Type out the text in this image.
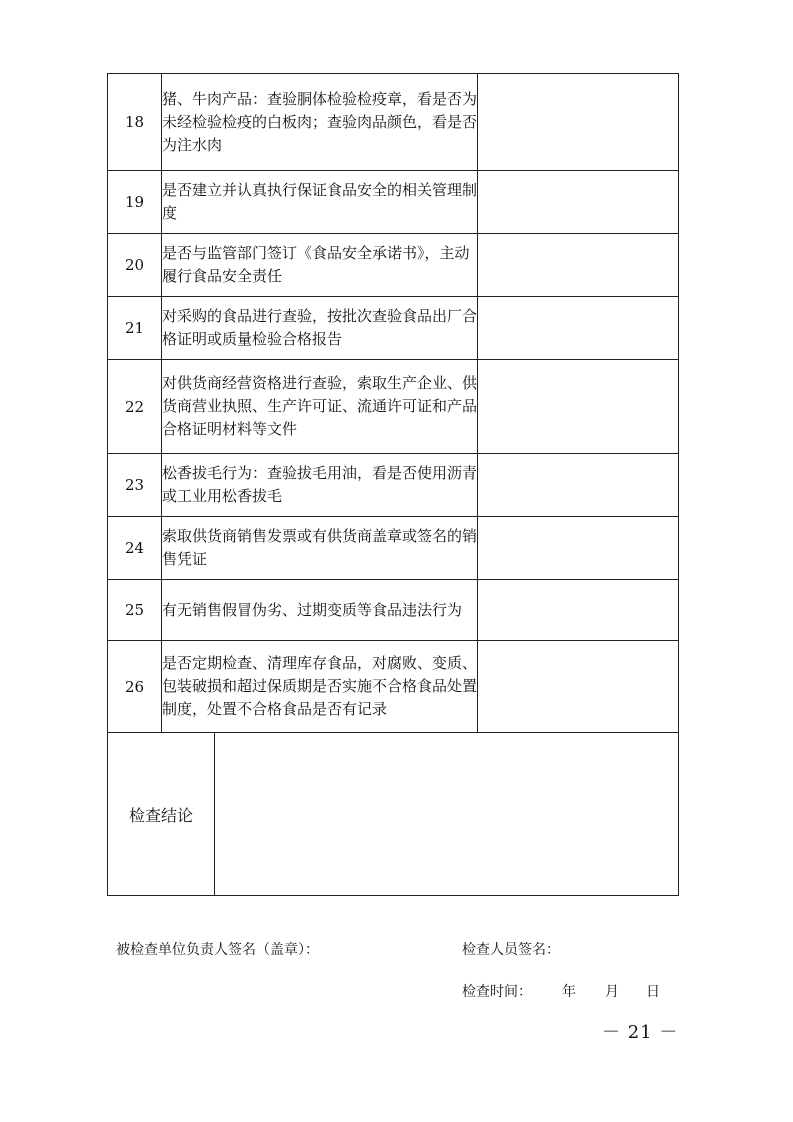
18	猪、牛肉产品：查验胴体检验检疫章，看是否为未经检验检疫的白板肉；查验肉品颜色，看是否为注水肉	
19	是否建立并认真执行保证食品安全的相关管理制度	
20	是否与监管部门签订《食品安全承诺书》，主动履行食品安全责任	
21	对采购的食品进行查验，按批次查验食品出厂合格证明或质量检验合格报告	
22	对供货商经营资格进行查验，索取生产企业、供货商营业执照、生产许可证、流通许可证和产品合格证明材料等文件	
23	松香拔毛行为：查验拔毛用油，看是否使用沥青或工业用松香拔毛	
24	索取供货商销售发票或有供货商盖章或签名的销售凭证	
25	有无销售假冒伪劣、过期变质等食品违法行为	
26	是否定期检查、清理库存食品，对腐败、变质、包装破损和超过保质期是否实施不合格食品处置制度，处置不合格食品是否有记录	
检查结论	
被检查单位负责人签名（盖章）：	检查人员签名：
检查时间： 年 月 日
－ 21 －
